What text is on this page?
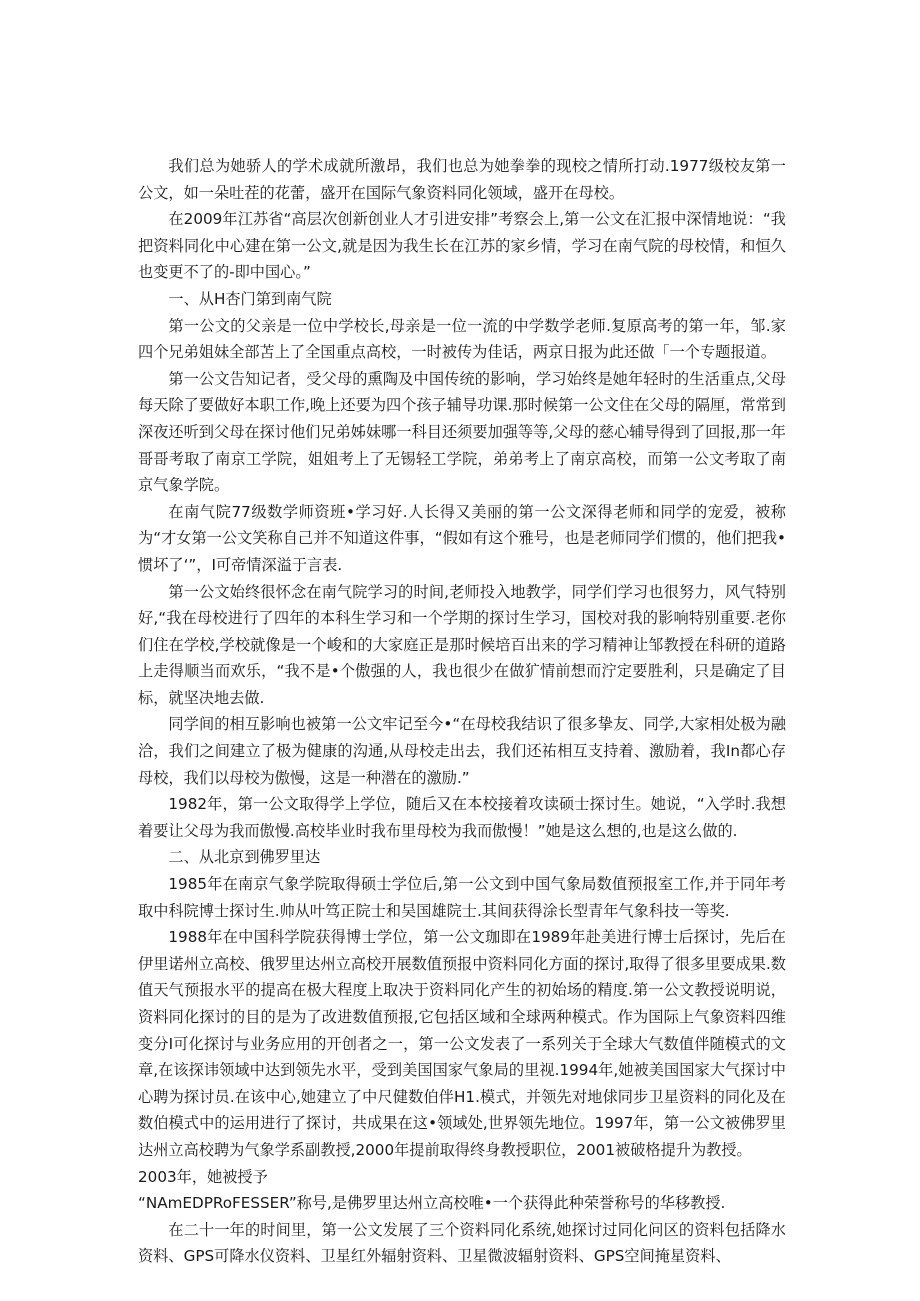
我们总为她骄人的学术成就所激昂，我们也总为她拳拳的现校之情所打动.1977级校友第一公文，如一朵吐茬的花蕾，盛开在国际气象资料同化领域，盛开在母校。

在2009年江苏省“高层次创新创业人才引进安排”考察会上,第一公文在汇报中深情地说：“我把资料同化中心建在第一公文,就是因为我生长在江苏的家乡情，学习在南气院的母校情，和恒久也变更不了的-即中国心。”

一、从H杏门第到南气院

第一公文的父亲是一位中学校长,母亲是一位一流的中学数学老师.复原高考的第一年，邹.家四个兄弟姐妹全部苫上了全国重点高校，一时被传为佳话，两京日报为此还做「一个专题报道。

第一公文告知记者，受父母的熏陶及中国传统的影响，学习始终是她年轻时的生活重点,父母每天除了要做好本职工作,晚上还要为四个孩子辅导功课.那时候第一公文住在父母的隔厘，常常到深夜还听到父母在探讨他们兄弟姊妹哪一科目还须要加强等等,父母的慈心辅导得到了回报,那一年哥哥考取了南京工学院，姐姐考上了无锡轻工学院，弟弟考上了南京高校，而第一公文考取了南京气象学院。

在南气院77级数学师资班•学习好.人长得又美丽的第一公文深得老师和同学的宠爱，被称为“才女第一公文笑称自己并不知道这件事，“假如有这个雅号，也是老师同学们惯的，他们把我•惯坏了‘”，I可帝情深溢于言表.

第一公文始终很怀念在南气院学习的时间,老师投入地教学，同学们学习也很努力，风气特别好,“我在母校进行了四年的本科生学习和一个学期的探讨生学习，国校对我的影响特别重要.老你们住在学校,学校就像是一个峻和的大家庭正是那时候培百出来的学习精神让邹教授在科研的道路上走得顺当而欢乐，“我不是•个傲强的人，我也很少在做犷情前想而泞定要胜利，只是确定了目标，就坚决地去做.

同学间的相互影响也被第一公文牢记至今•“在母校我结识了很多挚友、同学,大家相处极为融洽，我们之间建立了极为健康的沟通,从母校走出去，我们还祐相互支持着、激励着，我In都心存母校，我们以母校为傲慢，这是一种潜在的激励.”

1982年，第一公文取得学上学位，随后又在本校接着攻读硕士探讨生。她说，“入学时.我想着要让父母为我而傲慢.高校毕业时我布里母校为我而傲慢！”她是这么想的,也是这么做的.

二、从北京到佛罗里达

1985年在南京气象学院取得硕士学位后,第一公文到中国气象局数值预报室工作,并于同年考取中科院博士探讨生.帅从叶笃正院士和吴国雄院士.其间获得涂长型青年气象科技一等奖.

1988年在中国科学院获得博士学位，第一公文珈即在1989年赴美进行博士后探讨，先后在伊里诺州立高校、俄罗里达州立高校开展数值预报中资料同化方面的探讨,取得了很多里要成果.数值天气预报水平的提高在极大程度上取决于资料同化产生的初始场的精度.第一公文教授说明说，资料同化探讨的目的是为了改进数值预报,它包括区域和全球两种模式。作为国际上气象资料四维变分I可化探讨与业务应用的开创者之一，第一公文发表了一系列关于全球大气数值伴随模式的文章,在该探讳领域中达到领先水平，受到美国国家气象局的里视.1994年,她被美国国家大气探讨中心聘为探讨员.在该中心,她建立了中尺健数伯伴H1.模式，并领先对地俅同步卫星资料的同化及在数伯模式中的运用进行了探讨，共成果在这•领域处,世界领先地位。1997年，第一公文被佛罗里达州立高校聘为气象学系副教授,2000年提前取得终身教授职位，2001被破格提升为教授。

2003年，她被授予

“NAmEDPRoFESSER”称号,是佛罗里达州立高校唯•一个获得此种荣誉称号的华移教授.

在二十一年的时间里，第一公文发展了三个资料同化系统,她探讨过同化问区的资料包括降水资料、GPS可降水仪资料、卫星红外辐射资料、卫星微波辐射资料、GPS空间掩星资料、
